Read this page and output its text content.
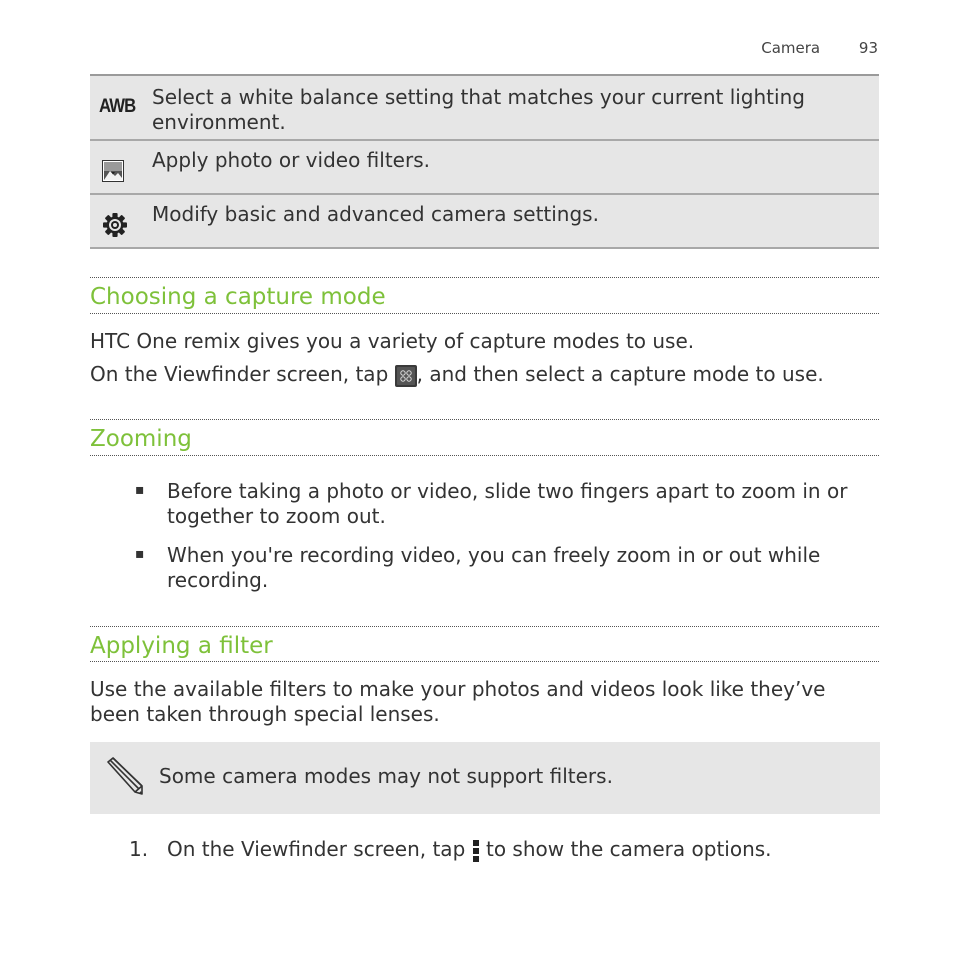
Camera	93
AWB Select a white balance setting that matches your current lighting environment.
Apply photo or video filters.
Modify basic and advanced camera settings.
Choosing a capture mode
HTC One remix gives you a variety of capture modes to use.
On the Viewfinder screen, tap , and then select a capture mode to use.
Zooming
▪ Before taking a photo or video, slide two fingers apart to zoom in or together to zoom out.
▪ When you're recording video, you can freely zoom in or out while recording.
Applying a filter
Use the available filters to make your photos and videos look like they’ve been taken through special lenses.
Some camera modes may not support filters.
1. On the Viewfinder screen, tap to show the camera options.
